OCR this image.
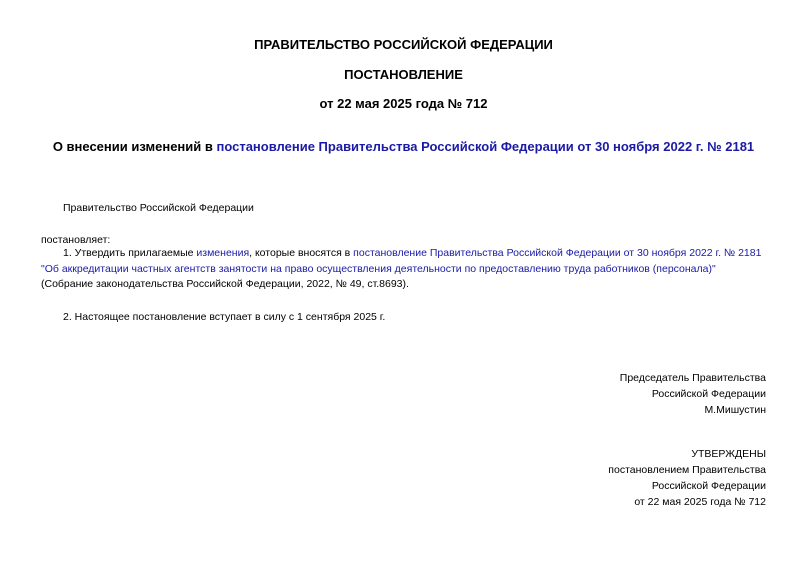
ПРАВИТЕЛЬСТВО РОССИЙСКОЙ ФЕДЕРАЦИИ
ПОСТАНОВЛЕНИЕ
от 22 мая 2025 года № 712
О внесении изменений в постановление Правительства Российской Федерации от 30 ноября 2022 г. № 2181
Правительство Российской Федерации
постановляет:
1. Утвердить прилагаемые изменения, которые вносятся в постановление Правительства Российской Федерации от 30 ноября 2022 г. № 2181 "Об аккредитации частных агентств занятости на право осуществления деятельности по предоставлению труда работников (персонала)" (Собрание законодательства Российской Федерации, 2022, № 49, ст.8693).
2. Настоящее постановление вступает в силу с 1 сентября 2025 г.
Председатель Правительства
Российской Федерации
М.Мишустин
УТВЕРЖДЕНЫ
постановлением Правительства
Российской Федерации
от 22 мая 2025 года № 712
